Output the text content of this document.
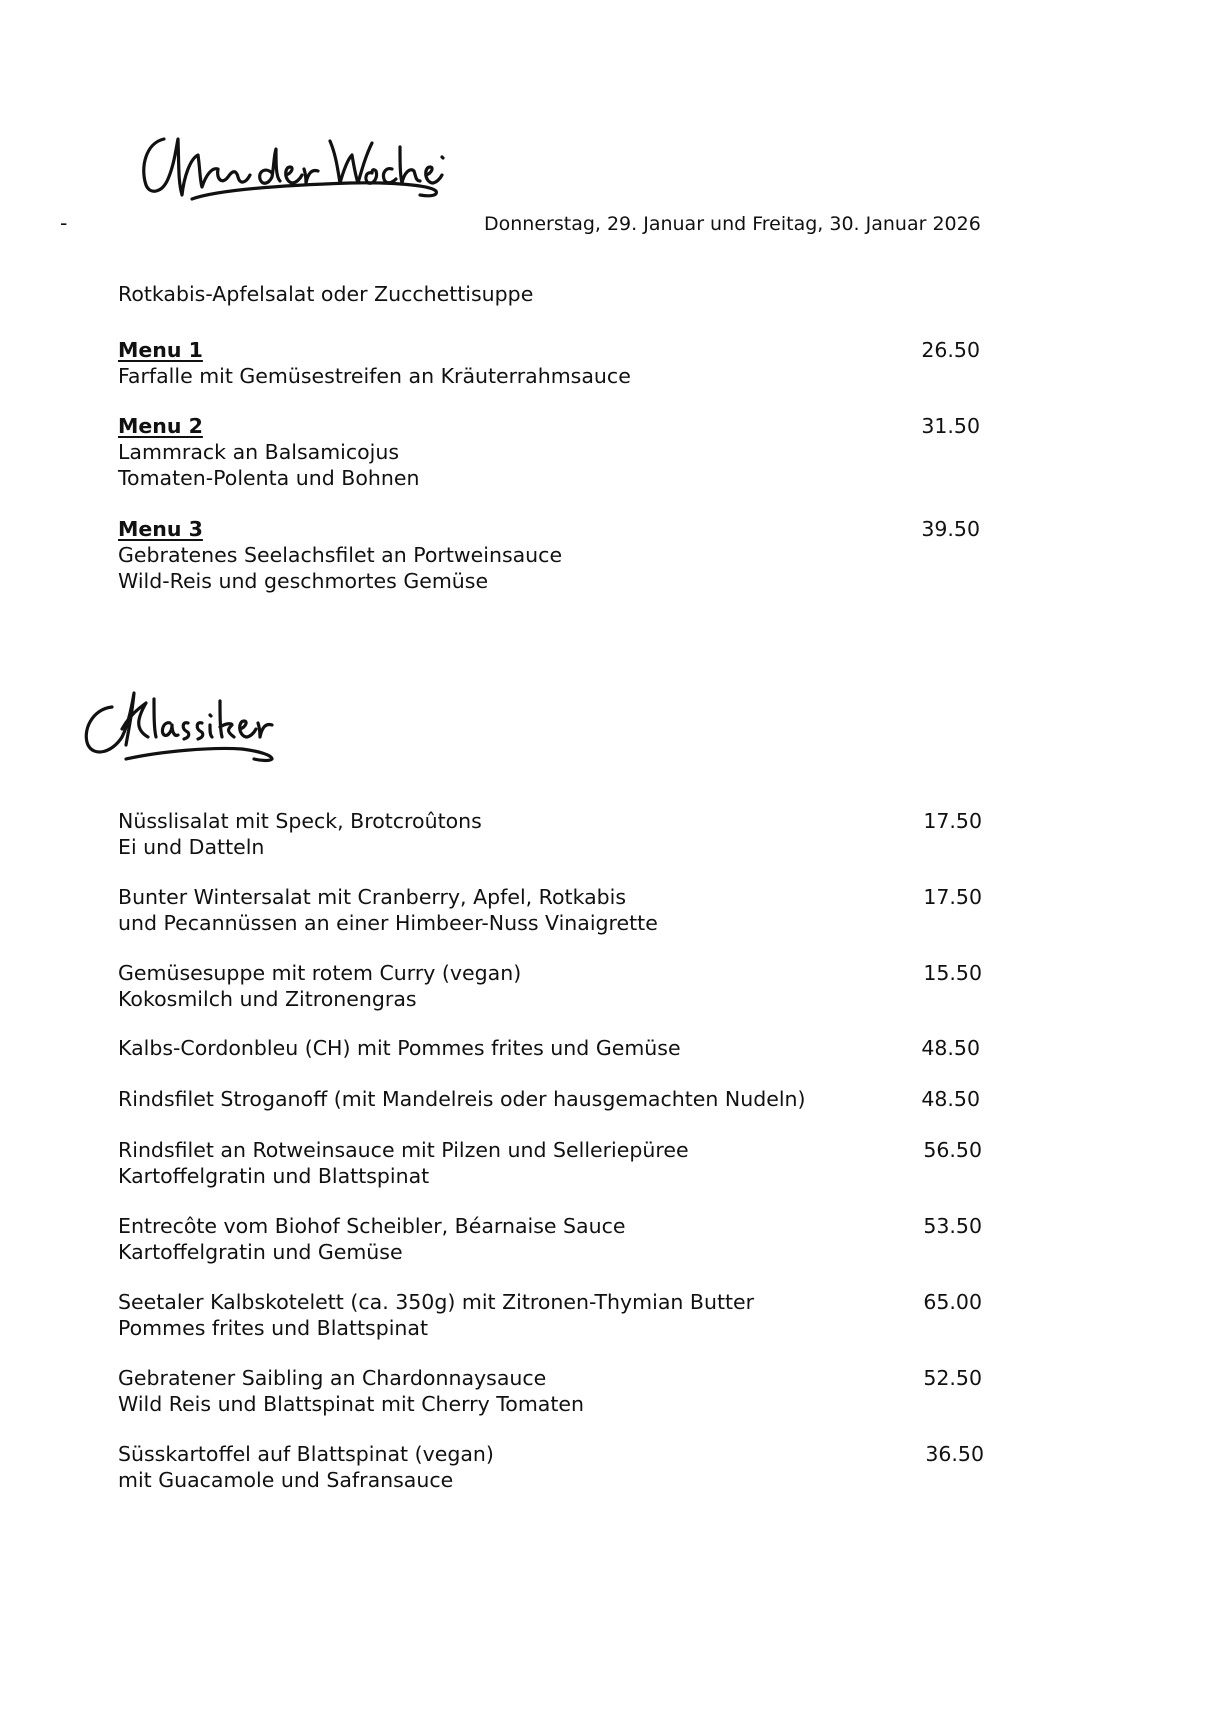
-	Donnerstag, 29. Januar und Freitag, 30. Januar 2026
Rotkabis-Apfelsalat oder Zucchettisuppe
Menu 1	26.50
Farfalle mit Gemüsestreifen an Kräuterrahmsauce
Menu 2	31.50
Lammrack an Balsamicojus
Tomaten-Polenta und Bohnen
Menu 3	39.50
Gebratenes Seelachsfilet an Portweinsauce
Wild-Reis und geschmortes Gemüse
Nüsslisalat mit Speck, Brotcroûtons	17.50
Ei und Datteln
Bunter Wintersalat mit Cranberry, Apfel, Rotkabis	17.50
und Pecannüssen an einer Himbeer-Nuss Vinaigrette
Gemüsesuppe mit rotem Curry (vegan)	15.50
Kokosmilch und Zitronengras
Kalbs-Cordonbleu (CH) mit Pommes frites und Gemüse	48.50
Rindsfilet Stroganoff (mit Mandelreis oder hausgemachten Nudeln)	48.50
Rindsfilet an Rotweinsauce mit Pilzen und Selleriepüree	56.50
Kartoffelgratin und Blattspinat
Entrecôte vom Biohof Scheibler, Béarnaise Sauce	53.50
Kartoffelgratin und Gemüse
Seetaler Kalbskotelett (ca. 350g) mit Zitronen-Thymian Butter	65.00
Pommes frites und Blattspinat
Gebratener Saibling an Chardonnaysauce	52.50
Wild Reis und Blattspinat mit Cherry Tomaten
Süsskartoffel auf Blattspinat (vegan)	36.50
mit Guacamole und Safransauce
